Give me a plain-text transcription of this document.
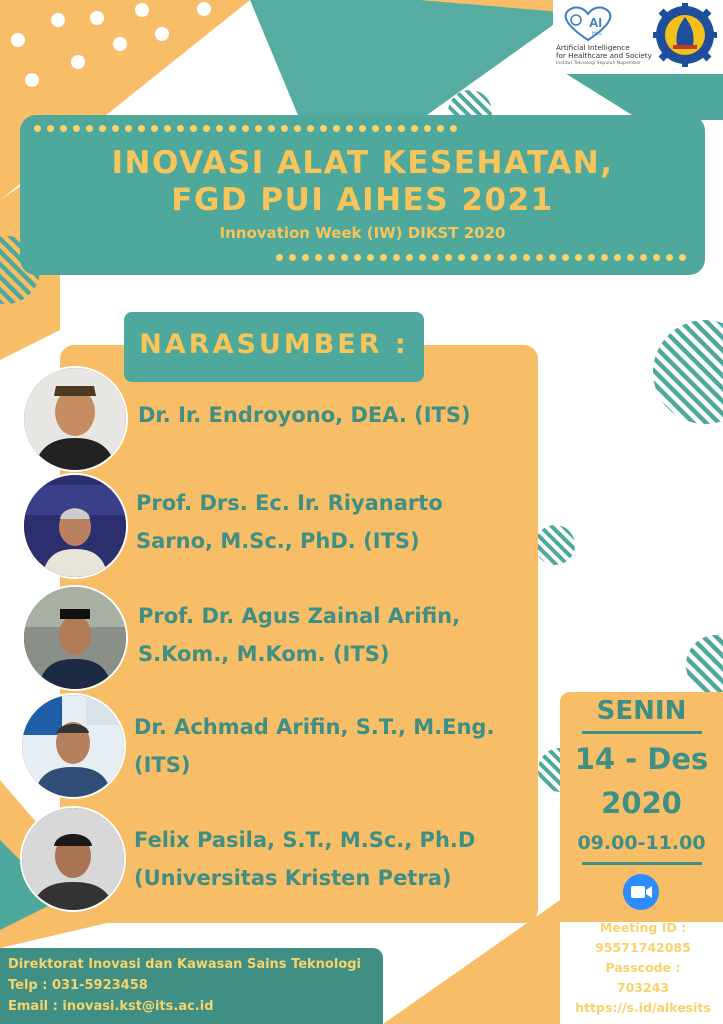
AI
HeS
Artificial Intelligence
for Healthcare and Society
Institut Teknologi Sepuluh Nopember
INOVASI ALAT KESEHATAN,
FGD PUI AIHES 2021
Innovation Week (IW) DIKST 2020
NARASUMBER :
Dr. Ir. Endroyono, DEA. (ITS)
Prof. Drs. Ec. Ir. Riyanarto
Sarno, M.Sc., PhD. (ITS)
Prof. Dr. Agus Zainal Arifin,
S.Kom., M.Kom. (ITS)
Dr. Achmad Arifin, S.T., M.Eng.
(ITS)
Felix Pasila, S.T., M.Sc., Ph.D
(Universitas Kristen Petra)
SENIN
14 - Des
2020
09.00-11.00
Meeting ID :
95571742085
Passcode :
703243
https://s.id/alkesits
Direktorat Inovasi dan Kawasan Sains Teknologi
Telp : 031-5923458
Email : inovasi.kst@its.ac.id
